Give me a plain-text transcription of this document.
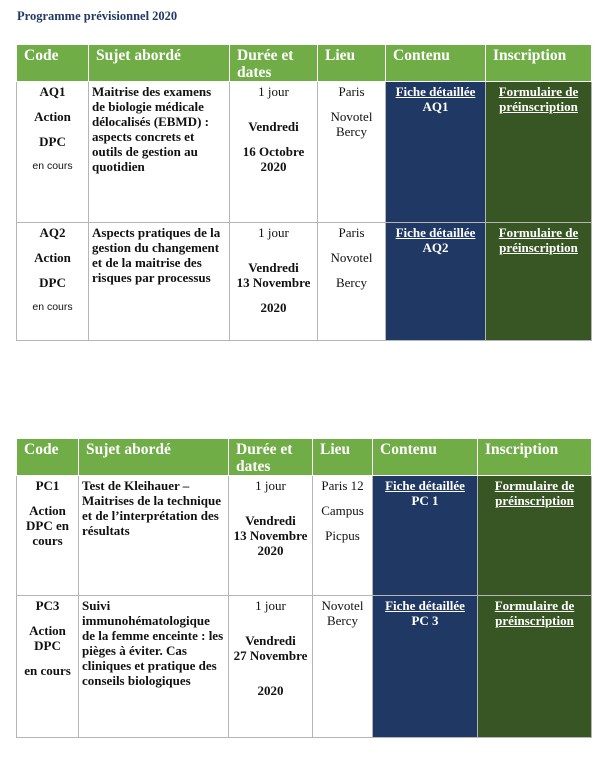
Programme prévisionnel 2020
Code	Sujet abordé	Durée et dates	Lieu	Contenu	Inscription

AQ1
Action
DPC
en cours	Maitrise des examens de biologie médicale délocalisés (EBMD) : aspects concrets et outils de gestion au quotidien	1 jour
Vendredi
16 Octobre 2020	Paris
Novotel Bercy	Fiche détaillée AQ1	Formulaire de préinscription

AQ2
Action
DPC
en cours	Aspects pratiques de la gestion du changement et de la maitrise des risques par processus	1 jour
Vendredi
13 Novembre
2020	Paris
Novotel
Bercy	Fiche détaillée AQ2	Formulaire de préinscription
Code	Sujet abordé	Durée et dates	Lieu	Contenu	Inscription

PC1
Action DPC en cours	Test de Kleihauer – Maitrises de la technique et de l’interprétation des résultats	1 jour
Vendredi
13 Novembre 2020	Paris 12
Campus
Picpus	Fiche détaillée PC 1	Formulaire de préinscription

PC3
Action DPC
en cours	Suivi immunohématologique de la femme enceinte : les pièges à éviter. Cas cliniques et pratique des conseils biologiques	1 jour
Vendredi
27 Novembre
2020	Novotel Bercy	Fiche détaillée PC 3	Formulaire de préinscription
